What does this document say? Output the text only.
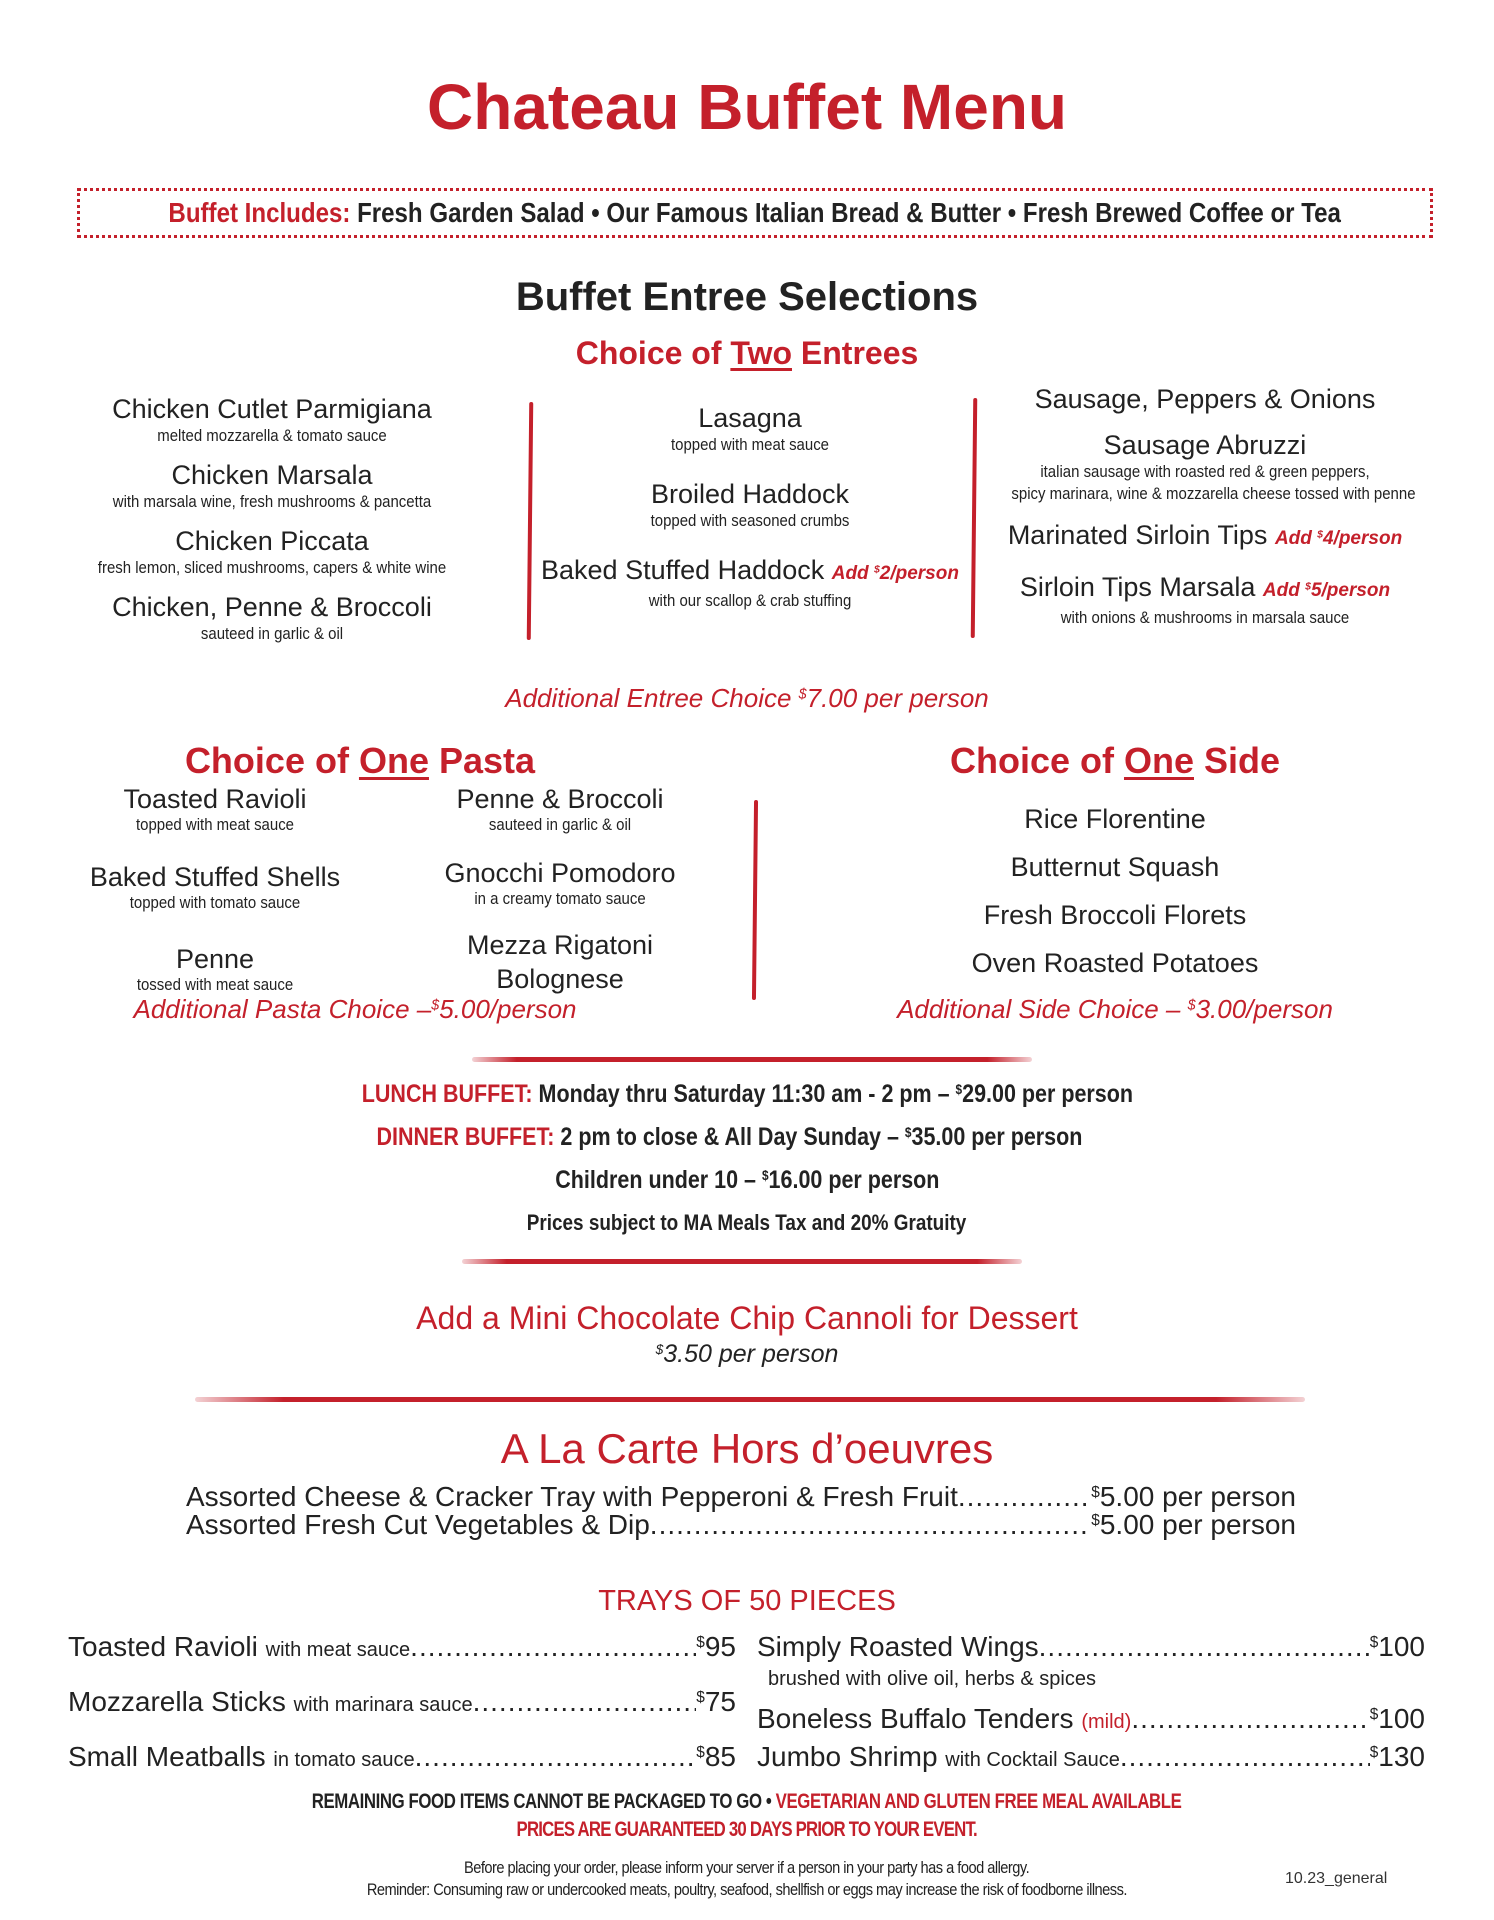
Chateau Buffet Menu
Buffet Includes: Fresh Garden Salad • Our Famous Italian Bread & Butter • Fresh Brewed Coffee or Tea
Buffet Entree Selections
Choice of Two Entrees
Chicken Cutlet Parmigiana
melted mozzarella & tomato sauce
Chicken Marsala
with marsala wine, fresh mushrooms & pancetta
Chicken Piccata
fresh lemon, sliced mushrooms, capers & white wine
Chicken, Penne & Broccoli
sauteed in garlic & oil
Lasagna
topped with meat sauce
Broiled Haddock
topped with seasoned crumbs
Baked Stuffed Haddock Add $2/person
with our scallop & crab stuffing
Sausage, Peppers & Onions
Sausage Abruzzi
italian sausage with roasted red & green peppers,
spicy marinara, wine & mozzarella cheese tossed with penne
Marinated Sirloin Tips Add $4/person
Sirloin Tips Marsala Add $5/person
with onions & mushrooms in marsala sauce
Additional Entree Choice $7.00 per person
Choice of One Pasta
Toasted Ravioli
topped with meat sauce
Baked Stuffed Shells
topped with tomato sauce
Penne
tossed with meat sauce
Penne & Broccoli
sauteed in garlic & oil
Gnocchi Pomodoro
in a creamy tomato sauce
Mezza Rigatoni
Bolognese
Additional Pasta Choice –$5.00/person
Choice of One Side
Rice Florentine
Butternut Squash
Fresh Broccoli Florets
Oven Roasted Potatoes
Additional Side Choice – $3.00/person
LUNCH BUFFET: Monday thru Saturday 11:30 am - 2 pm – $29.00 per person
DINNER BUFFET: 2 pm to close & All Day Sunday – $35.00 per person
Children under 10 – $16.00 per person
Prices subject to MA Meals Tax and 20% Gratuity
Add a Mini Chocolate Chip Cannoli for Dessert
$3.50 per person
A La Carte Hors d’oeuvres
Assorted Cheese & Cracker Tray with Pepperoni & Fresh Fruit .....	$5.00 per person
Assorted Fresh Cut Vegetables & Dip .....	$5.00 per person
TRAYS OF 50 PIECES
Toasted Ravioli
with meat sauce .....	$95
Mozzarella Sticks
with marinara sauce .....	$75
Small Meatballs
in tomato sauce .....	$85
Simply Roasted Wings .....	$100
brushed with olive oil, herbs & spices
Boneless Buffalo Tenders
(mild) .....	$100
Jumbo Shrimp
with Cocktail Sauce .....	$130
REMAINING FOOD ITEMS CANNOT BE PACKAGED TO GO • VEGETARIAN AND GLUTEN FREE MEAL AVAILABLE
PRICES ARE GUARANTEED 30 DAYS PRIOR TO YOUR EVENT.
Before placing your order, please inform your server if a person in your party has a food allergy.
Reminder: Consuming raw or undercooked meats, poultry, seafood, shellfish or eggs may increase the risk of foodborne illness.
10.23_general
